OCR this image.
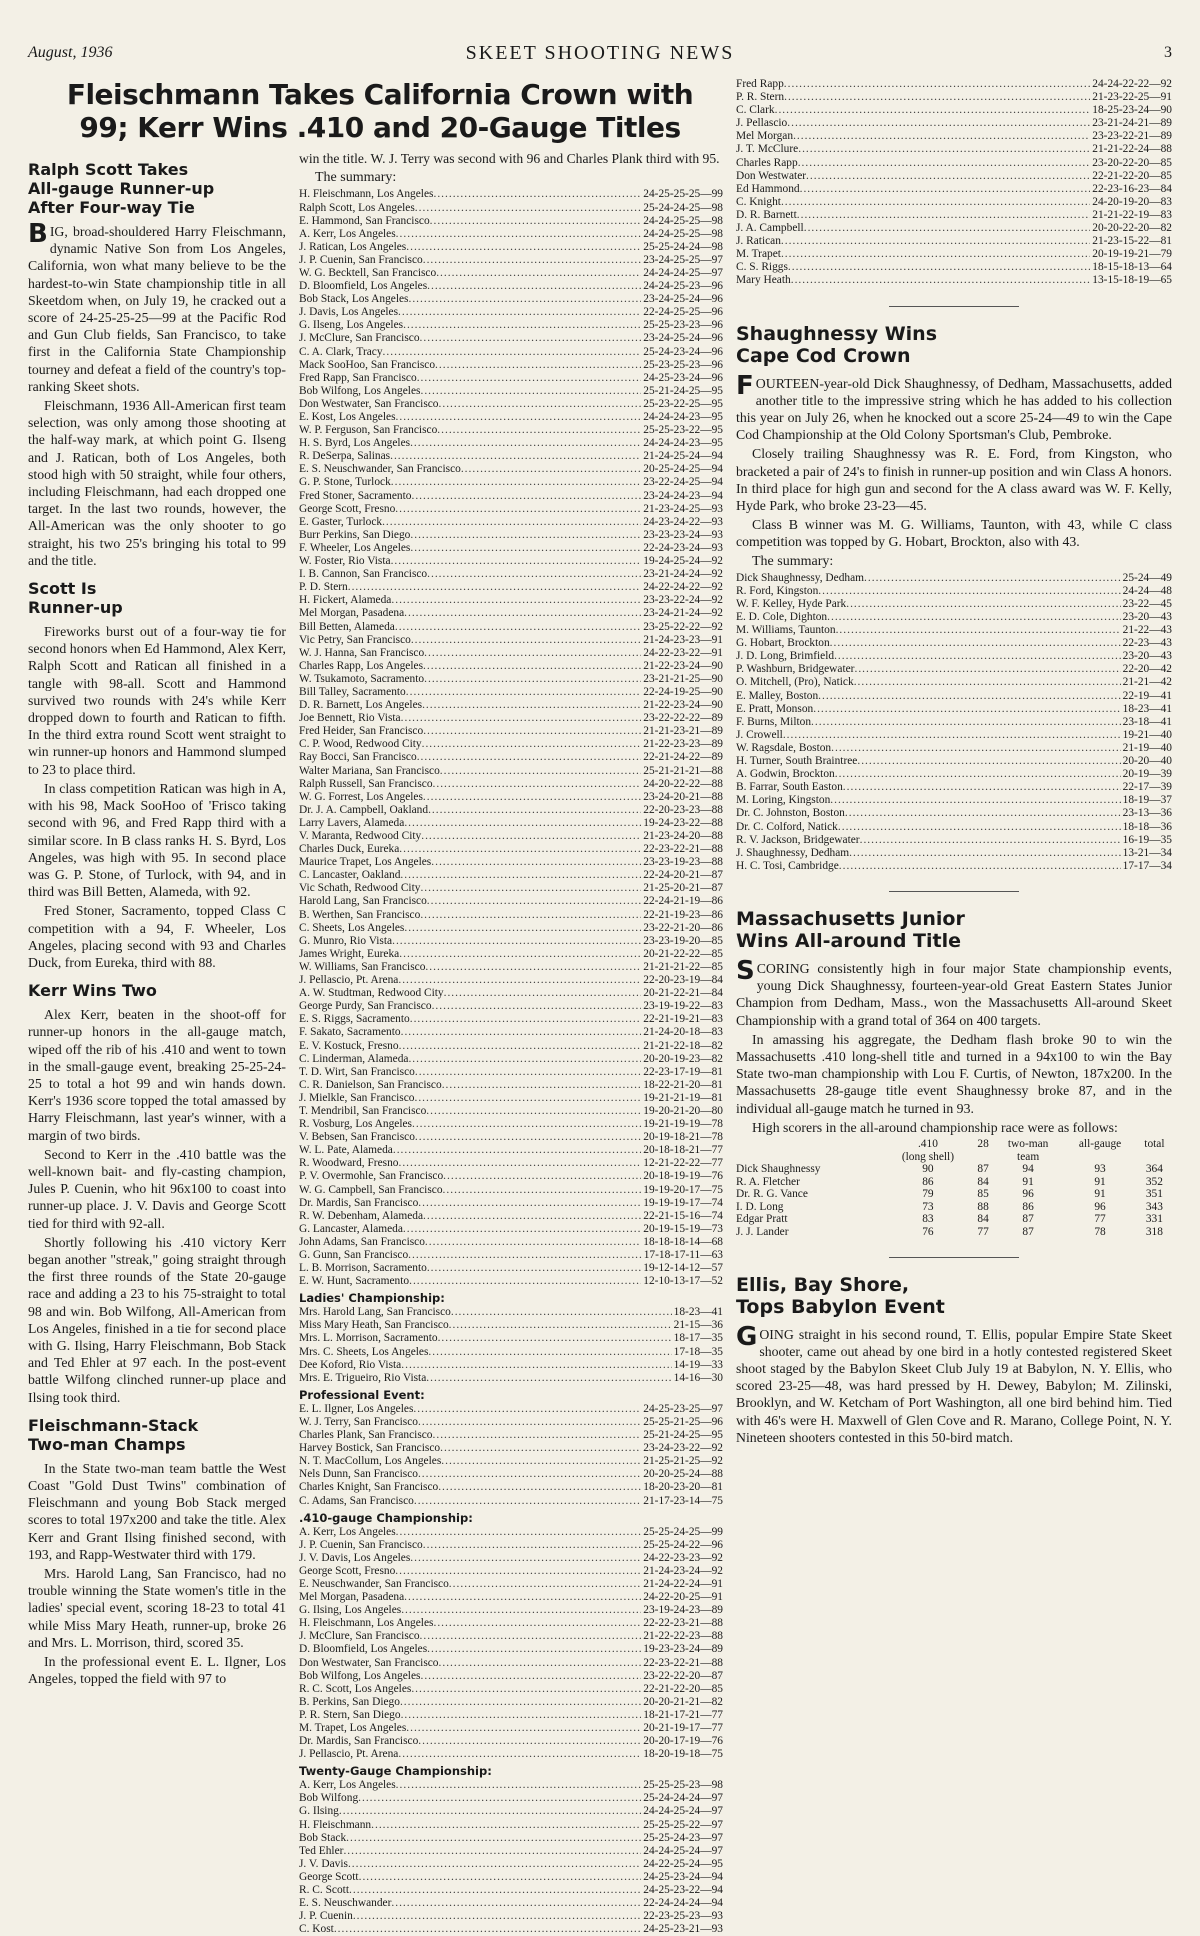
August, 1936	SKEET SHOOTING NEWS	3
Fleischmann Takes California Crown with
99; Kerr Wins .410 and 20-Gauge Titles
Ralph Scott Takes
All-gauge Runner-up
After Four-way Tie

BIG, broad-shouldered Harry Fleischmann, dynamic Native Son from Los Angeles, California, won what many believe to be the hardest-to-win State championship title in all Skeetdom when, on July 19, he cracked out a score of 24-25-25-25—99 at the Pacific Rod and Gun Club fields, San Francisco, to take first in the California State Championship tourney and defeat a field of the country's top-ranking Skeet shots.

Fleischmann, 1936 All-American first team selection, was only among those shooting at the half-way mark, at which point G. Ilseng and J. Ratican, both of Los Angeles, both stood high with 50 straight, while four others, including Fleischmann, had each dropped one target. In the last two rounds, however, the All-American was the only shooter to go straight, his two 25's bringing his total to 99 and the title.

Scott Is
Runner-up

Fireworks burst out of a four-way tie for second honors when Ed Hammond, Alex Kerr, Ralph Scott and Ratican all finished in a tangle with 98-all. Scott and Hammond survived two rounds with 24's while Kerr dropped down to fourth and Ratican to fifth. In the third extra round Scott went straight to win runner-up honors and Hammond slumped to 23 to place third.

In class competition Ratican was high in A, with his 98, Mack SooHoo of 'Frisco taking second with 96, and Fred Rapp third with a similar score. In B class ranks H. S. Byrd, Los Angeles, was high with 95. In second place was G. P. Stone, of Turlock, with 94, and in third was Bill Betten, Alameda, with 92.

Fred Stoner, Sacramento, topped Class C competition with a 94, F. Wheeler, Los Angeles, placing second with 93 and Charles Duck, from Eureka, third with 88.

Kerr Wins Two

Alex Kerr, beaten in the shoot-off for runner-up honors in the all-gauge match, wiped off the rib of his .410 and went to town in the small-gauge event, breaking 25-25-24-25 to total a hot 99 and win hands down. Kerr's 1936 score topped the total amassed by Harry Fleischmann, last year's winner, with a margin of two birds.

Second to Kerr in the .410 battle was the well-known bait- and fly-casting champion, Jules P. Cuenin, who hit 96x100 to coast into runner-up place. J. V. Davis and George Scott tied for third with 92-all.

Shortly following his .410 victory Kerr began another "streak," going straight through the first three rounds of the State 20-gauge race and adding a 23 to his 75-straight to total 98 and win. Bob Wilfong, All-American from Los Angeles, finished in a tie for second place with G. Ilsing, Harry Fleischmann, Bob Stack and Ted Ehler at 97 each. In the post-event battle Wilfong clinched runner-up place and Ilsing took third.

Fleischmann-Stack
Two-man Champs

In the State two-man team battle the West Coast "Gold Dust Twins" combination of Fleischmann and young Bob Stack merged scores to total 197x200 and take the title. Alex Kerr and Grant Ilsing finished second, with 193, and Rapp-Westwater third with 179.

Mrs. Harold Lang, San Francisco, had no trouble winning the State women's title in the ladies' special event, scoring 18-23 to total 41 while Miss Mary Heath, runner-up, broke 26 and Mrs. L. Morrison, third, scored 35.

In the professional event E. L. Ilgner, Los Angeles, topped the field with 97 to

win the title. W. J. Terry was second with 96 and Charles Plank third with 95.

The summary:
H. Fleischmann, Los Angeles .....	24-25-25-25—99
Ralph Scott, Los Angeles .....	25-24-24-25—98
E. Hammond, San Francisco .....	24-24-25-25—98
A. Kerr, Los Angeles .....	24-24-25-25—98
J. Ratican, Los Angeles .....	25-25-24-24—98
J. P. Cuenin, San Francisco .....	23-24-25-25—97
W. G. Becktell, San Francisco .....	24-24-24-25—97
D. Bloomfield, Los Angeles .....	24-24-25-23—96
Bob Stack, Los Angeles .....	23-24-25-24—96
J. Davis, Los Angeles .....	22-24-25-25—96
G. Ilseng, Los Angeles .....	25-25-23-23—96
J. McClure, San Francisco .....	23-24-25-24—96
C. A. Clark, Tracy .....	25-24-23-24—96
Mack SooHoo, San Francisco .....	25-23-25-23—96
Fred Rapp, San Francisco .....	24-25-23-24—96
Bob Wilfong, Los Angeles .....	25-21-24-25—95
Don Westwater, San Francisco .....	25-23-22-25—95
E. Kost, Los Angeles .....	24-24-24-23—95
W. P. Ferguson, San Francisco .....	25-25-23-22—95
H. S. Byrd, Los Angeles .....	24-24-24-23—95
R. DeSerpa, Salinas .....	21-24-25-24—94
E. S. Neuschwander, San Francisco .....	20-25-24-25—94
G. P. Stone, Turlock .....	23-22-24-25—94
Fred Stoner, Sacramento .....	23-24-24-23—94
George Scott, Fresno .....	21-23-24-25—93
E. Gaster, Turlock .....	24-23-24-22—93
Burr Perkins, San Diego .....	23-23-23-24—93
F. Wheeler, Los Angeles .....	22-24-23-24—93
W. Foster, Rio Vista .....	19-24-25-24—92
I. B. Cannon, San Francisco .....	23-21-24-24—92
P. D. Stern .....	24-22-24-22—92
H. Fickert, Alameda .....	23-23-22-24—92
Mel Morgan, Pasadena .....	23-24-21-24—92
Bill Betten, Alameda .....	23-25-22-22—92
Vic Petry, San Francisco .....	21-24-23-23—91
W. J. Hanna, San Francisco .....	24-22-23-22—91
Charles Rapp, Los Angeles .....	21-22-23-24—90
W. Tsukamoto, Sacramento .....	23-21-21-25—90
Bill Talley, Sacramento .....	22-24-19-25—90
D. R. Barnett, Los Angeles .....	21-22-23-24—90
Joe Bennett, Rio Vista .....	23-22-22-22—89
Fred Heider, San Francisco .....	21-21-23-21—89
C. P. Wood, Redwood City .....	21-22-23-23—89
Ray Bocci, San Francisco .....	22-21-24-22—89
Walter Mariana, San Francisco .....	25-21-21-21—88
Ralph Russell, San Francisco .....	24-20-22-22—88
W. G. Forrest, Los Angeles .....	23-24-20-21—88
Dr. J. A. Campbell, Oakland .....	22-20-23-23—88
Larry Lavers, Alameda .....	19-24-23-22—88
V. Maranta, Redwood City .....	21-23-24-20—88
Charles Duck, Eureka .....	22-23-22-21—88
Maurice Trapet, Los Angeles .....	23-23-19-23—88
C. Lancaster, Oakland .....	22-24-20-21—87
Vic Schath, Redwood City .....	21-25-20-21—87
Harold Lang, San Francisco .....	22-24-21-19—86
B. Werthen, San Francisco .....	22-21-19-23—86
C. Sheets, Los Angeles .....	23-22-21-20—86
G. Munro, Rio Vista .....	23-23-19-20—85
James Wright, Eureka .....	20-21-22-22—85
W. Williams, San Francisco .....	21-21-21-22—85
J. Pellascio, Pt. Arena .....	22-20-23-19—84
A. W. Studtman, Redwood City .....	20-21-22-21—84
George Purdy, San Francisco .....	23-19-19-22—83
E. S. Riggs, Sacramento .....	22-21-19-21—83
F. Sakato, Sacramento .....	21-24-20-18—83
E. V. Kostuck, Fresno .....	21-21-22-18—82
C. Linderman, Alameda .....	20-20-19-23—82
T. D. Wirt, San Francisco .....	22-23-17-19—81
C. R. Danielson, San Francisco .....	18-22-21-20—81
J. Mielkle, San Francisco .....	19-21-21-19—81
T. Mendribil, San Francisco .....	19-20-21-20—80
R. Vosburg, Los Angeles .....	19-21-19-19—78
V. Bebsen, San Francisco .....	20-19-18-21—78
W. L. Pate, Alameda .....	20-18-18-21—77
R. Woodward, Fresno .....	12-21-22-22—77
P. V. Overmohle, San Francisco .....	20-18-19-19—76
W. G. Campbell, San Francisco .....	19-19-20-17—75
Dr. Mardis, San Francisco .....	19-19-19-17—74
R. W. Debenham, Alameda .....	22-21-15-16—74
G. Lancaster, Alameda .....	20-19-15-19—73
John Adams, San Francisco .....	18-18-18-14—68
G. Gunn, San Francisco .....	17-18-17-11—63
L. B. Morrison, Sacramento .....	19-12-14-12—57
E. W. Hunt, Sacramento .....	12-10-13-17—52
Ladies' Championship:
Mrs. Harold Lang, San Francisco .....	18-23—41
Miss Mary Heath, San Francisco .....	21-15—36
Mrs. L. Morrison, Sacramento .....	18-17—35
Mrs. C. Sheets, Los Angeles .....	17-18—35
Dee Koford, Rio Vista .....	14-19—33
Mrs. E. Trigueiro, Rio Vista .....	14-16—30
Professional Event:
E. L. Ilgner, Los Angeles .....	24-25-23-25—97
W. J. Terry, San Francisco .....	25-25-21-25—96
Charles Plank, San Francisco .....	25-21-24-25—95
Harvey Bostick, San Francisco .....	23-24-23-22—92
N. T. MacCollum, Los Angeles .....	21-25-21-25—92
Nels Dunn, San Francisco .....	20-20-25-24—88
Charles Knight, San Francisco .....	18-20-23-20—81
C. Adams, San Francisco .....	21-17-23-14—75
.410-gauge Championship:
A. Kerr, Los Angeles .....	25-25-24-25—99
J. P. Cuenin, San Francisco .....	25-25-24-22—96
J. V. Davis, Los Angeles .....	24-22-23-23—92
George Scott, Fresno .....	21-24-23-24—92
E. Neuschwander, San Francisco .....	21-24-22-24—91
Mel Morgan, Pasadena .....	24-22-20-25—91
G. Ilsing, Los Angeles .....	23-19-24-23—89
H. Fleischmann, Los Angeles .....	22-22-23-21—88
J. McClure, San Francisco .....	21-22-22-23—88
D. Bloomfield, Los Angeles .....	19-23-23-24—89
Don Westwater, San Francisco .....	22-23-22-21—88
Bob Wilfong, Los Angeles .....	23-22-22-20—87
R. C. Scott, Los Angeles .....	22-21-22-20—85
B. Perkins, San Diego .....	20-20-21-21—82
P. R. Stern, San Diego .....	18-21-17-21—77
M. Trapet, Los Angeles .....	20-21-19-17—77
Dr. Mardis, San Francisco .....	20-20-17-19—76
J. Pellascio, Pt. Arena .....	18-20-19-18—75
Twenty-Gauge Championship:
A. Kerr, Los Angeles .....	25-25-25-23—98
Bob Wilfong .....	25-24-24-24—97
G. Ilsing .....	24-24-25-24—97
H. Fleischmann .....	25-25-25-22—97
Bob Stack .....	25-25-24-23—97
Ted Ehler .....	24-24-25-24—97
J. V. Davis .....	24-22-25-24—95
George Scott .....	24-25-23-24—94
R. C. Scott .....	24-25-23-22—94
E. S. Neuschwander .....	22-24-24-24—94
J. P. Cuenin .....	22-23-25-23—93
C. Kost .....	24-25-23-21—93
Fred Rapp .....	24-24-22-22—92
P. R. Stern .....	21-23-22-25—91
C. Clark .....	18-25-23-24—90
J. Pellascio .....	23-21-24-21—89
Mel Morgan .....	23-23-22-21—89
J. T. McClure .....	21-21-22-24—88
Charles Rapp .....	23-20-22-20—85
Don Westwater .....	22-21-22-20—85
Ed Hammond .....	22-23-16-23—84
C. Knight .....	24-20-19-20—83
D. R. Barnett .....	21-21-22-19—83
J. A. Campbell .....	20-20-22-20—82
J. Ratican .....	21-23-15-22—81
M. Trapet .....	20-19-19-21—79
C. S. Riggs .....	18-15-18-13—64
Mary Heath .....	13-15-18-19—65
Shaughnessy Wins
Cape Cod Crown

FOURTEEN-year-old Dick Shaughnessy, of Dedham, Massachusetts, added another title to the impressive string which he has added to his collection this year on July 26, when he knocked out a score 25-24—49 to win the Cape Cod Championship at the Old Colony Sportsman's Club, Pembroke.

Closely trailing Shaughnessy was R. E. Ford, from Kingston, who bracketed a pair of 24's to finish in runner-up position and win Class A honors. In third place for high gun and second for the A class award was W. F. Kelly, Hyde Park, who broke 23-23—45.

Class B winner was M. G. Williams, Taunton, with 43, while C class competition was topped by G. Hobart, Brockton, also with 43.

The summary:
Dick Shaughnessy, Dedham .....	25-24—49
R. Ford, Kingston .....	24-24—48
W. F. Kelley, Hyde Park .....	23-22—45
E. D. Cole, Dighton .....	23-20—43
M. Williams, Taunton .....	21-22—43
G. Hobart, Brockton .....	22-23—43
J. D. Long, Brimfield .....	23-20—43
P. Washburn, Bridgewater .....	22-20—42
O. Mitchell, (Pro), Natick .....	21-21—42
E. Malley, Boston .....	22-19—41
E. Pratt, Monson .....	18-23—41
F. Burns, Milton .....	23-18—41
J. Crowell .....	19-21—40
W. Ragsdale, Boston .....	21-19—40
H. Turner, South Braintree .....	20-20—40
A. Godwin, Brockton .....	20-19—39
B. Farrar, South Easton .....	22-17—39
M. Loring, Kingston .....	18-19—37
Dr. C. Johnston, Boston .....	23-13—36
Dr. C. Colford, Natick .....	18-18—36
R. V. Jackson, Bridgewater .....	16-19—35
J. Shaughnessy, Dedham .....	13-21—34
H. C. Tosi, Cambridge .....	17-17—34
Massachusetts Junior
Wins All-around Title

SCORING consistently high in four major State championship events, young Dick Shaughnessy, fourteen-year-old Great Eastern States Junior Champion from Dedham, Mass., won the Massachusetts All-around Skeet Championship with a grand total of 364 on 400 targets.

In amassing his aggregate, the Dedham flash broke 90 to win the Massachusetts .410 long-shell title and turned in a 94x100 to win the Bay State two-man championship with Lou F. Curtis, of Newton, 187x200. In the Massachusetts 28-gauge title event Shaughnessy broke 87, and in the individual all-gauge match he turned in 93.

High scorers in the all-around championship race were as follows:

	.410	28	two-man	all-gauge	total
	(long shell)		team		
Dick Shaughnessy	90	87	94	93	364
R. A. Fletcher	86	84	91	91	352
Dr. R. G. Vance	79	85	96	91	351
I. D. Long	73	88	86	96	343
Edgar Pratt	83	84	87	77	331
J. J. Lander	76	77	87	78	318
Ellis, Bay Shore,
Tops Babylon Event

GOING straight in his second round, T. Ellis, popular Empire State Skeet shooter, came out ahead by one bird in a hotly contested registered Skeet shoot staged by the Babylon Skeet Club July 19 at Babylon, N. Y. Ellis, who scored 23-25—48, was hard pressed by H. Dewey, Babylon; M. Zilinski, Brooklyn, and W. Ketcham of Port Washington, all one bird behind him. Tied with 46's were H. Maxwell of Glen Cove and R. Marano, College Point, N. Y. Nineteen shooters contested in this 50-bird match.
